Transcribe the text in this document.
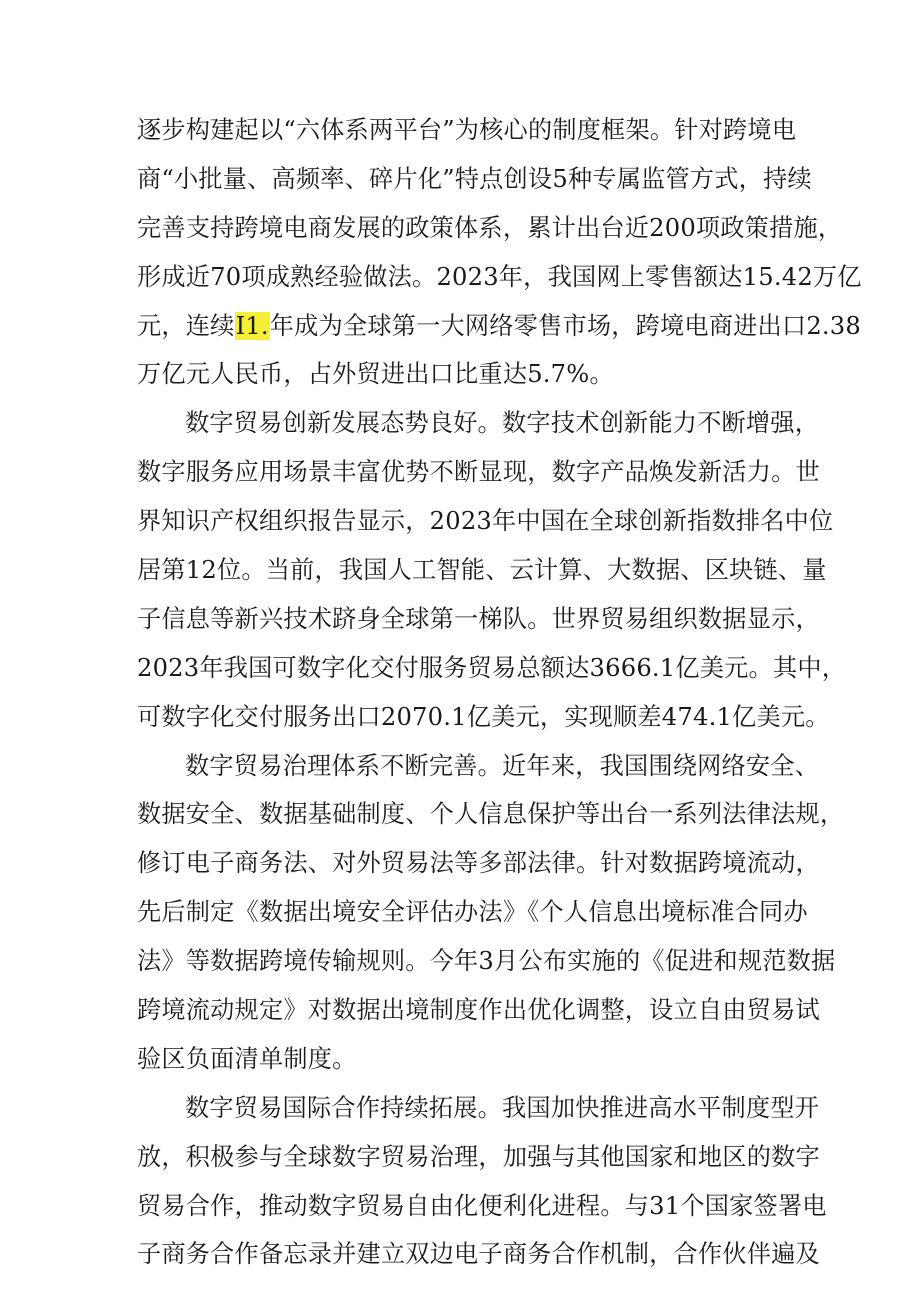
逐步构建起以“六体系两平台”为核心的制度框架。针对跨境电
商“小批量、高频率、碎片化”特点创设5种专属监管方式，持续
完善支持跨境电商发展的政策体系，累计出台近200项政策措施，
形成近70项成熟经验做法。2023年，我国网上零售额达15.42万亿
元，连续I1.年成为全球第一大网络零售市场，跨境电商进出口2.38
万亿元人民币，占外贸进出口比重达5.7%。
数字贸易创新发展态势良好。数字技术创新能力不断增强，
数字服务应用场景丰富优势不断显现，数字产品焕发新活力。世
界知识产权组织报告显示，2023年中国在全球创新指数排名中位
居第12位。当前，我国人工智能、云计算、大数据、区块链、量
子信息等新兴技术跻身全球第一梯队。世界贸易组织数据显示，
2023年我国可数字化交付服务贸易总额达3666.1亿美元。其中，
可数字化交付服务出口2070.1亿美元，实现顺差474.1亿美元。
数字贸易治理体系不断完善。近年来，我国围绕网络安全、
数据安全、数据基础制度、个人信息保护等出台一系列法律法规，
修订电子商务法、对外贸易法等多部法律。针对数据跨境流动，
先后制定《数据出境安全评估办法》《个人信息出境标准合同办
法》等数据跨境传输规则。今年3月公布实施的《促进和规范数据
跨境流动规定》对数据出境制度作出优化调整，设立自由贸易试
验区负面清单制度。
数字贸易国际合作持续拓展。我国加快推进高水平制度型开
放，积极参与全球数字贸易治理，加强与其他国家和地区的数字
贸易合作，推动数字贸易自由化便利化进程。与31个国家签署电
子商务合作备忘录并建立双边电子商务合作机制，合作伙伴遍及
